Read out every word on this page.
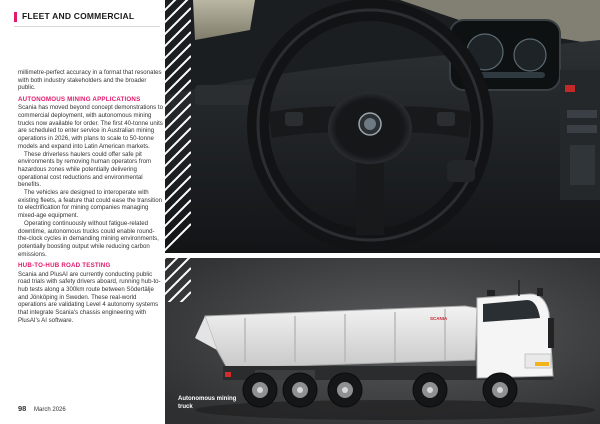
FLEET AND COMMERCIAL

millimetre-perfect accuracy in a format that resonates with both industry stakeholders and the broader public.

AUTONOMOUS MINING APPLICATIONS

Scania has moved beyond concept demonstrations to commercial deployment, with autonomous mining trucks now available for order. The first 40-tonne units are scheduled to enter service in Australian mining operations in 2026, with plans to scale to 50-tonne models and expand into Latin American markets.

These driverless haulers could offer safe pit environments by removing human operators from hazardous zones while potentially delivering operational cost reductions and environmental benefits.

The vehicles are designed to interoperate with existing fleets, a feature that could ease the transition to electrification for mining companies managing mixed-age equipment.

Operating continuously without fatigue-related downtime, autonomous trucks could enable round-the-clock cycles in demanding mining environments, potentially boosting output while reducing carbon emissions.

HUB-TO-HUB ROAD TESTING

Scania and PlusAI are currently conducting public road trials with safety drivers aboard, running hub-to-hub tests along a 300km route between Södertälje and Jönköping in Sweden. These real-world operations are validating Level 4 autonomy systems that integrate Scania's chassis engineering with PlusAI's AI software.

98 March 2026
SCANIA
Autonomous mining truck
